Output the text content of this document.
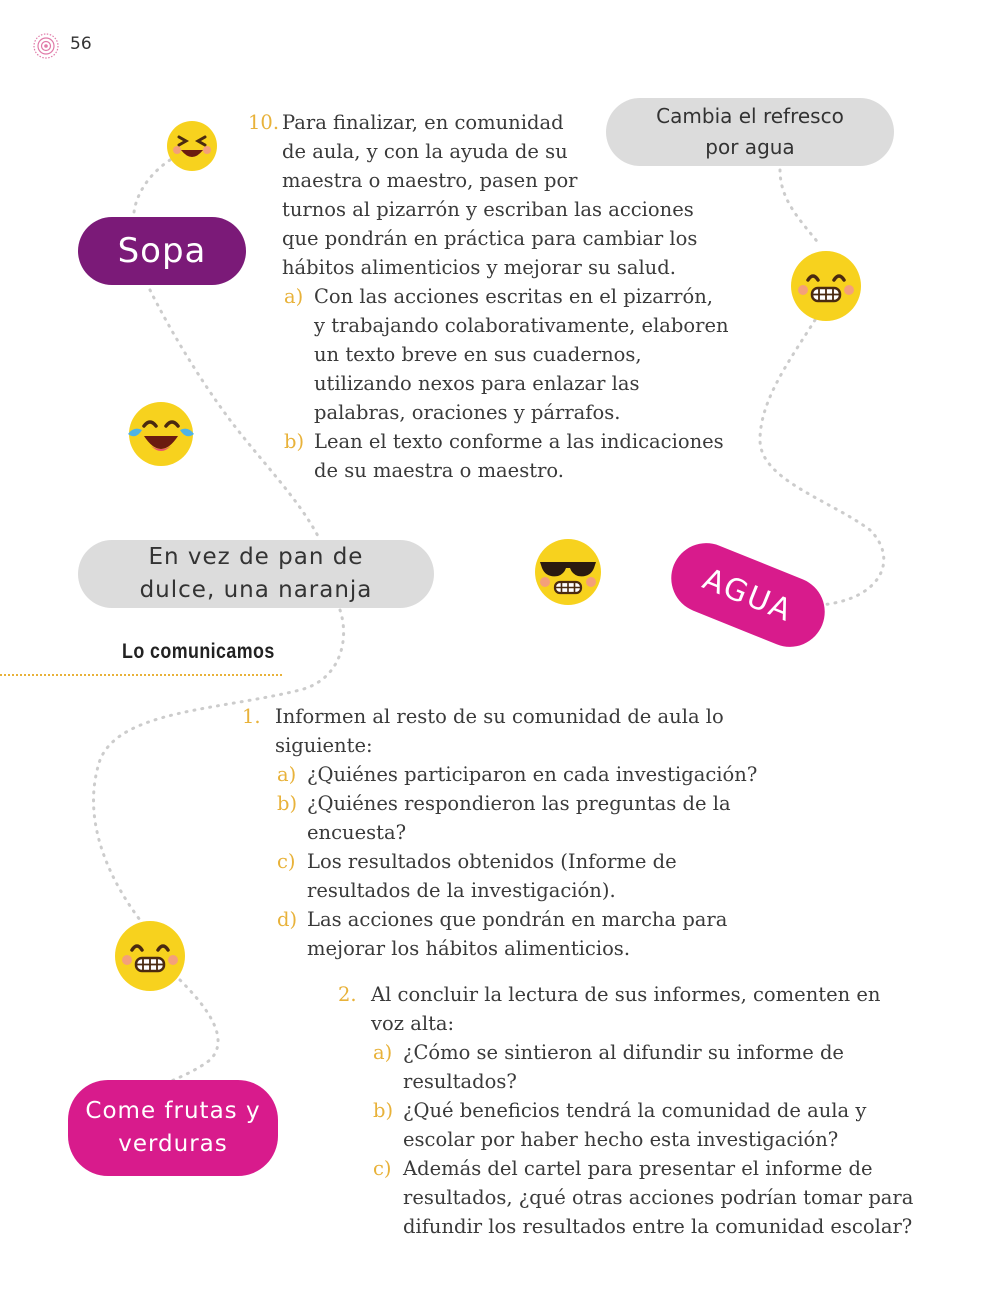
56
10. Para finalizar, en comunidad
de aula, y con la ayuda de su
maestra o maestro, pasen por
turnos al pizarrón y escriban las acciones
que pondrán en práctica para cambiar los
hábitos alimenticios y mejorar su salud.
a) Con las acciones escritas en el pizarrón,
y trabajando colaborativamente, elaboren
un texto breve en sus cuadernos,
utilizando nexos para enlazar las
palabras, oraciones y párrafos.
b) Lean el texto conforme a las indicaciones
de su maestra o maestro.
Lo comunicamos
1. Informen al resto de su comunidad de aula lo
siguiente:
a) ¿Quiénes participaron en cada investigación?
b) ¿Quiénes respondieron las preguntas de la
encuesta?
c) Los resultados obtenidos (Informe de
resultados de la investigación).
d) Las acciones que pondrán en marcha para
mejorar los hábitos alimenticios.
2. Al concluir la lectura de sus informes, comenten en
voz alta:
a) ¿Cómo se sintieron al difundir su informe de
resultados?
b) ¿Qué beneficios tendrá la comunidad de aula y
escolar por haber hecho esta investigación?
c) Además del cartel para presentar el informe de
resultados, ¿qué otras acciones podrían tomar para
difundir los resultados entre la comunidad escolar?
Cambia el refresco
por agua
Sopa
En vez de pan de
dulce, una naranja	AGUA
Come frutas y
verduras
